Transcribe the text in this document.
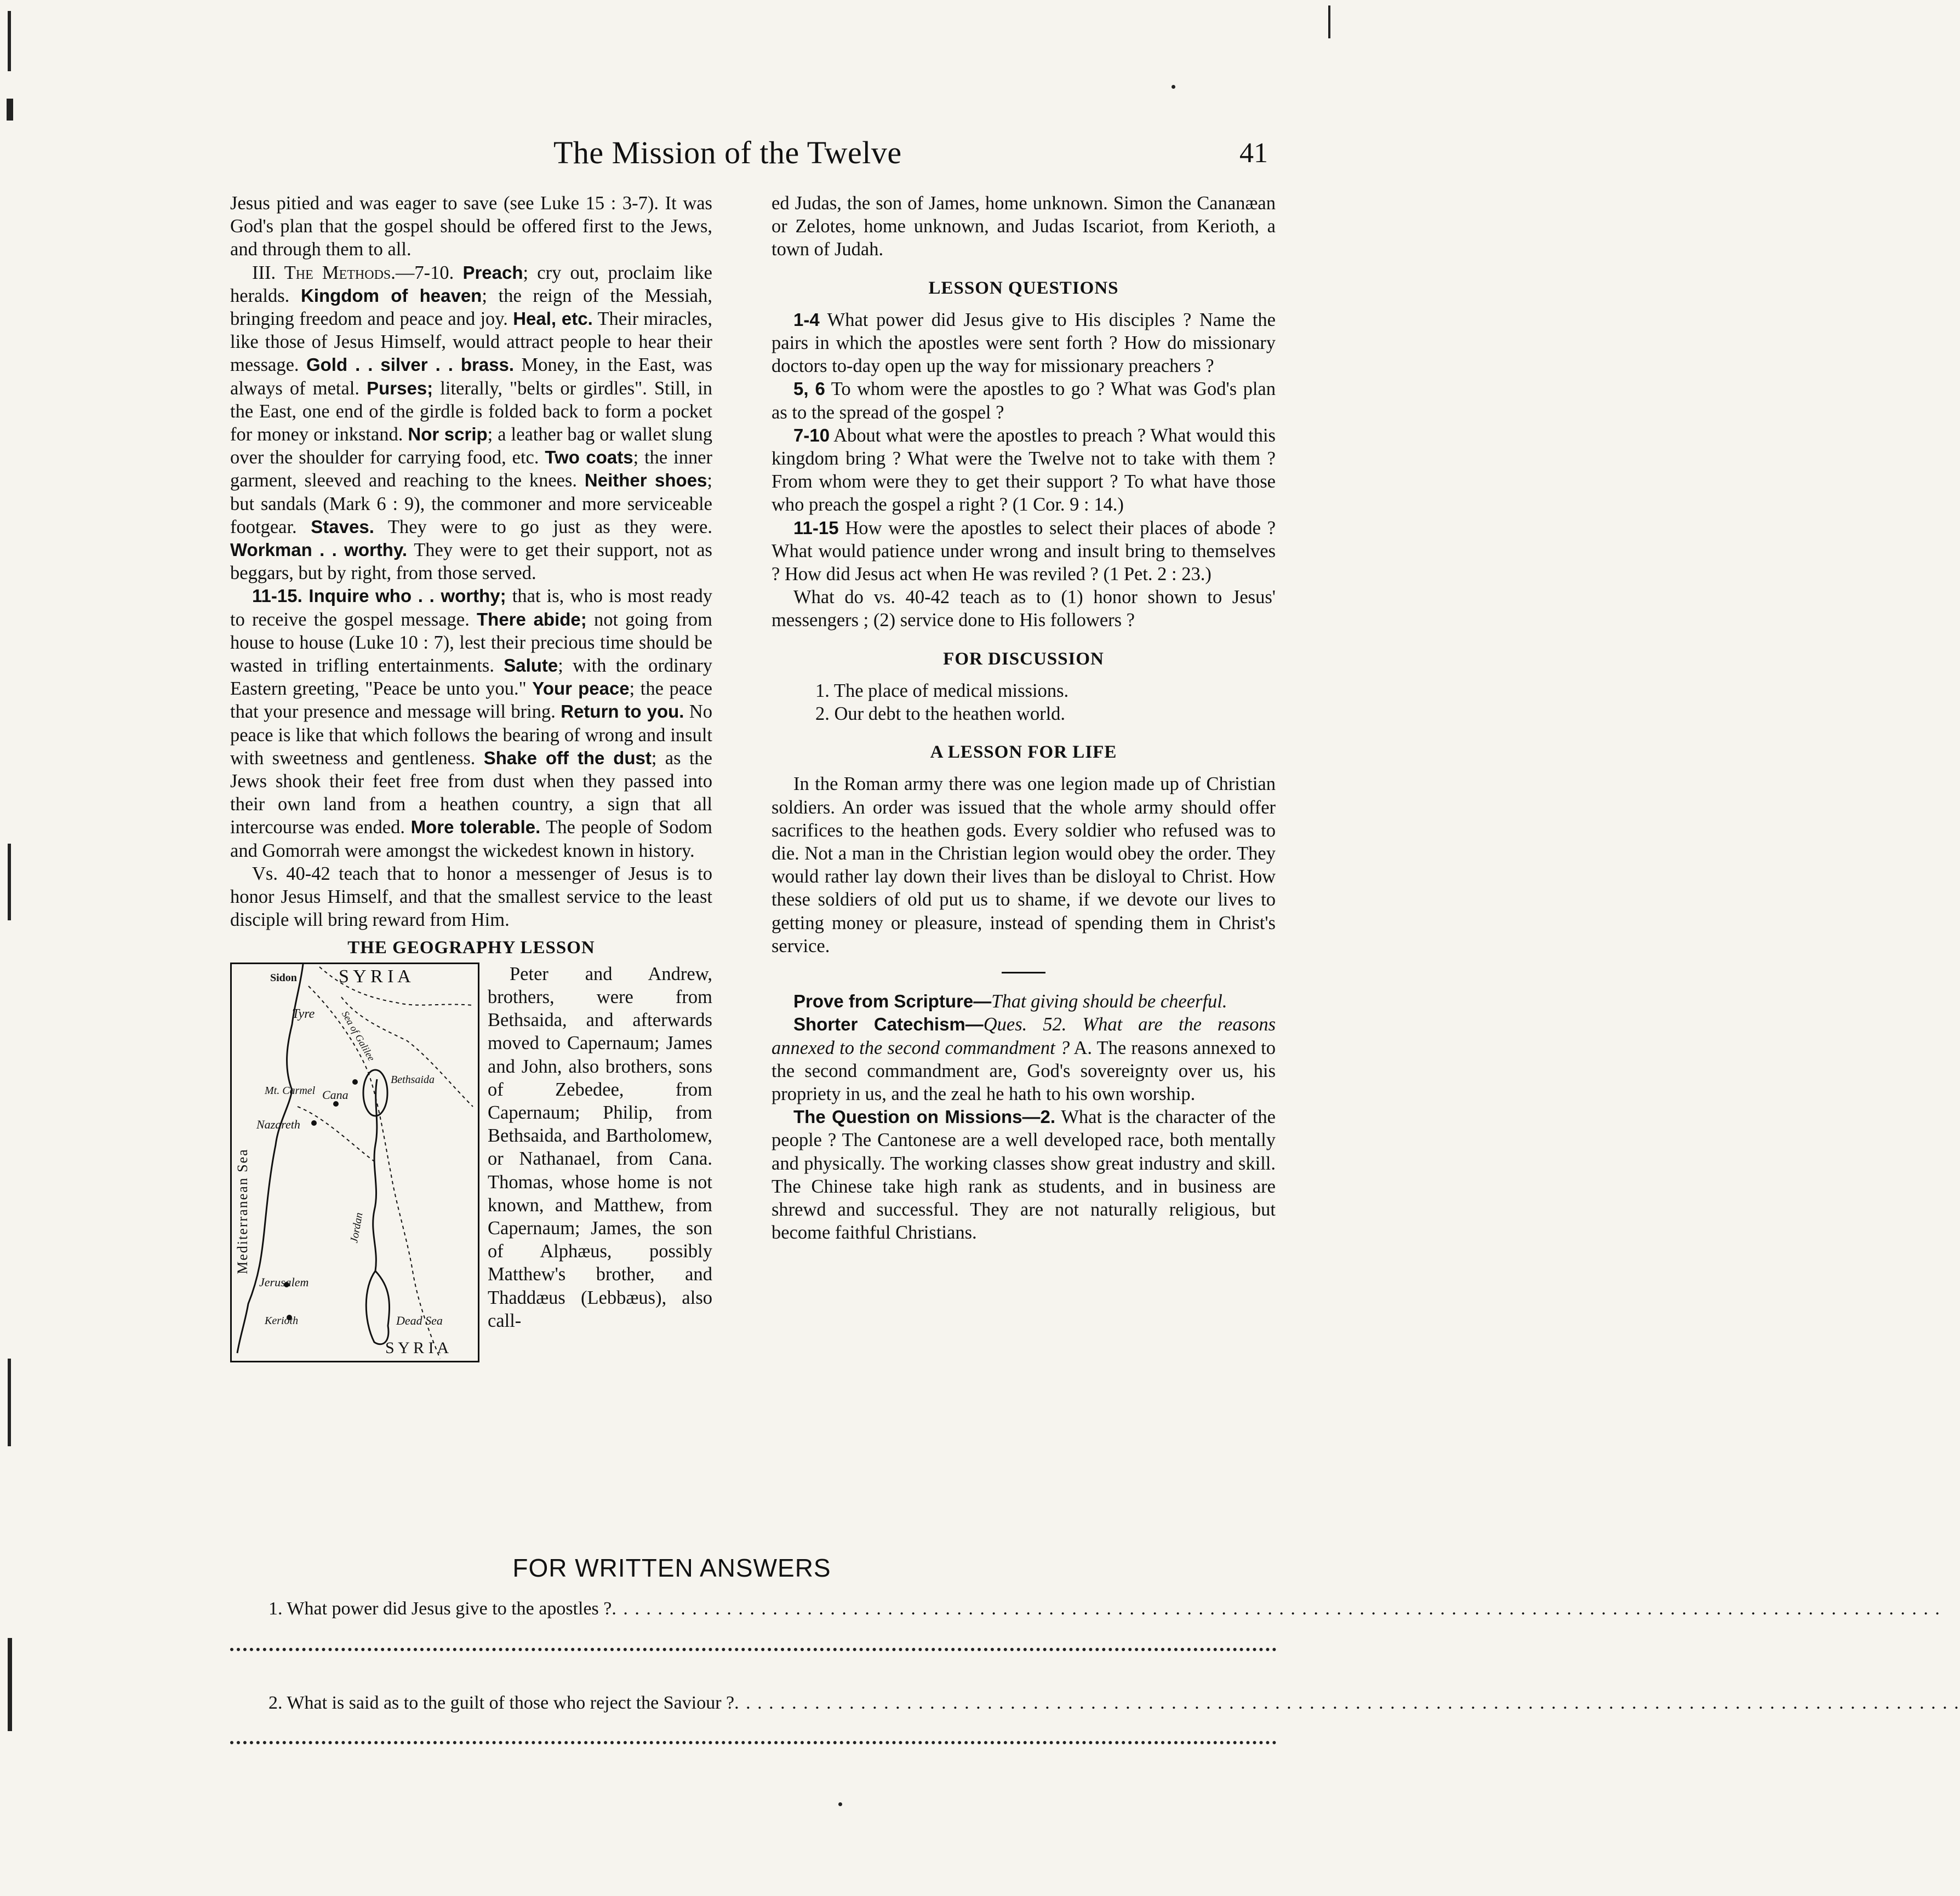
The Mission of the Twelve	41

Jesus pitied and was eager to save (see Luke 15 : 3-7). It was God's plan that the gospel should be offered first to the Jews, and through them to all.

III. The Methods.—7-10. Preach; cry out, proclaim like heralds. Kingdom of heaven; the reign of the Messiah, bringing freedom and peace and joy. Heal, etc. Their miracles, like those of Jesus Himself, would attract people to hear their message. Gold . . silver . . brass. Money, in the East, was always of metal. Purses; literally, "belts or girdles". Still, in the East, one end of the girdle is folded back to form a pocket for money or inkstand. Nor scrip; a leather bag or wallet slung over the shoulder for carrying food, etc. Two coats; the inner garment, sleeved and reaching to the knees. Neither shoes; but sandals (Mark 6 : 9), the commoner and more serviceable footgear. Staves. They were to go just as they were. Workman . . worthy. They were to get their support, not as beggars, but by right, from those served.

11-15. Inquire who . . worthy; that is, who is most ready to receive the gospel message. There abide; not going from house to house (Luke 10 : 7), lest their precious time should be wasted in trifling entertainments. Salute; with the ordinary Eastern greeting, "Peace be unto you." Your peace; the peace that your presence and message will bring. Return to you. No peace is like that which follows the bearing of wrong and insult with sweetness and gentleness. Shake off the dust; as the Jews shook their feet free from dust when they passed into their own land from a heathen country, a sign that all intercourse was ended. More tolerable. The people of Sodom and Gomorrah were amongst the wickedest known in history.

Vs. 40-42 teach that to honor a messenger of Jesus is to honor Jesus Himself, and that the smallest service to the least disciple will bring reward from Him.

THE GEOGRAPHY LESSON
Sidon S Y R I A
Tyre
Mediterranean Sea
Mt. Carmel Cana
Nazareth
Bethsaida
Sea of Galilee
Jordan
Jerusalem
Kerioth	Dead Sea
S Y R I A

Peter and Andrew, brothers, were from Bethsaida, and afterwards moved to Capernaum; James and John, also brothers, sons of Zebedee, from Capernaum; Philip, from Bethsaida, and Bartholomew, or Nathanael, from Cana. Thomas, whose home is not known, and Matthew, from Capernaum; James, the son of Alphæus, possibly Matthew's brother, and Thaddæus (Lebbæus), also call-

ed Judas, the son of James, home unknown. Simon the Cananæan or Zelotes, home unknown, and Judas Iscariot, from Kerioth, a town of Judah.

LESSON QUESTIONS

1-4 What power did Jesus give to His disciples ? Name the pairs in which the apostles were sent forth ? How do missionary doctors to-day open up the way for missionary preachers ?

5, 6 To whom were the apostles to go ? What was God's plan as to the spread of the gospel ?

7-10 About what were the apostles to preach ? What would this kingdom bring ? What were the Twelve not to take with them ? From whom were they to get their support ? To what have those who preach the gospel a right ? (1 Cor. 9 : 14.)

11-15 How were the apostles to select their places of abode ? What would patience under wrong and insult bring to themselves ? How did Jesus act when He was reviled ? (1 Pet. 2 : 23.)

What do vs. 40-42 teach as to (1) honor shown to Jesus' messengers ; (2) service done to His followers ?

FOR DISCUSSION

1. The place of medical missions.

2. Our debt to the heathen world.

A LESSON FOR LIFE

In the Roman army there was one legion made up of Christian soldiers. An order was issued that the whole army should offer sacrifices to the heathen gods. Every soldier who refused was to die. Not a man in the Christian legion would obey the order. They would rather lay down their lives than be disloyal to Christ. How these soldiers of old put us to shame, if we devote our lives to getting money or pleasure, instead of spending them in Christ's service.

Prove from Scripture—That giving should be cheerful.

Shorter Catechism—Ques. 52. What are the reasons annexed to the second commandment ? A. The reasons annexed to the second commandment are, God's sovereignty over us, his propriety in us, and the zeal he hath to his own worship.

The Question on Missions—2. What is the character of the people ? The Cantonese are a well developed race, both mentally and physically. The working classes show great industry and skill. The Chinese take high rank as students, and in business are shrewd and successful. They are not naturally religious, but become faithful Christians.

FOR WRITTEN ANSWERS
1. What power did Jesus give to the apostles ?. . . . . . . . . . . . . . . . . . . . . . . . . . . . . . . . . . . . . . . . . . . . . . . . . . . . . . . . . . . . . . . . . . . . . . . . . . . . . . . . . . . . . . . . . . . . . . . . . . . . . . . . . . . . . . . . . . . .
2. What is said as to the guilt of those who reject the Saviour ?. . . . . . . . . . . . . . . . . . . . . . . . . . . . . . . . . . . . . . . . . . . . . . . . . . . . . . . . . . . . . . . . . . . . . . . . . . . . . . . . . . . . . . . . . . . . . . . . . . . . . . . . . . .
